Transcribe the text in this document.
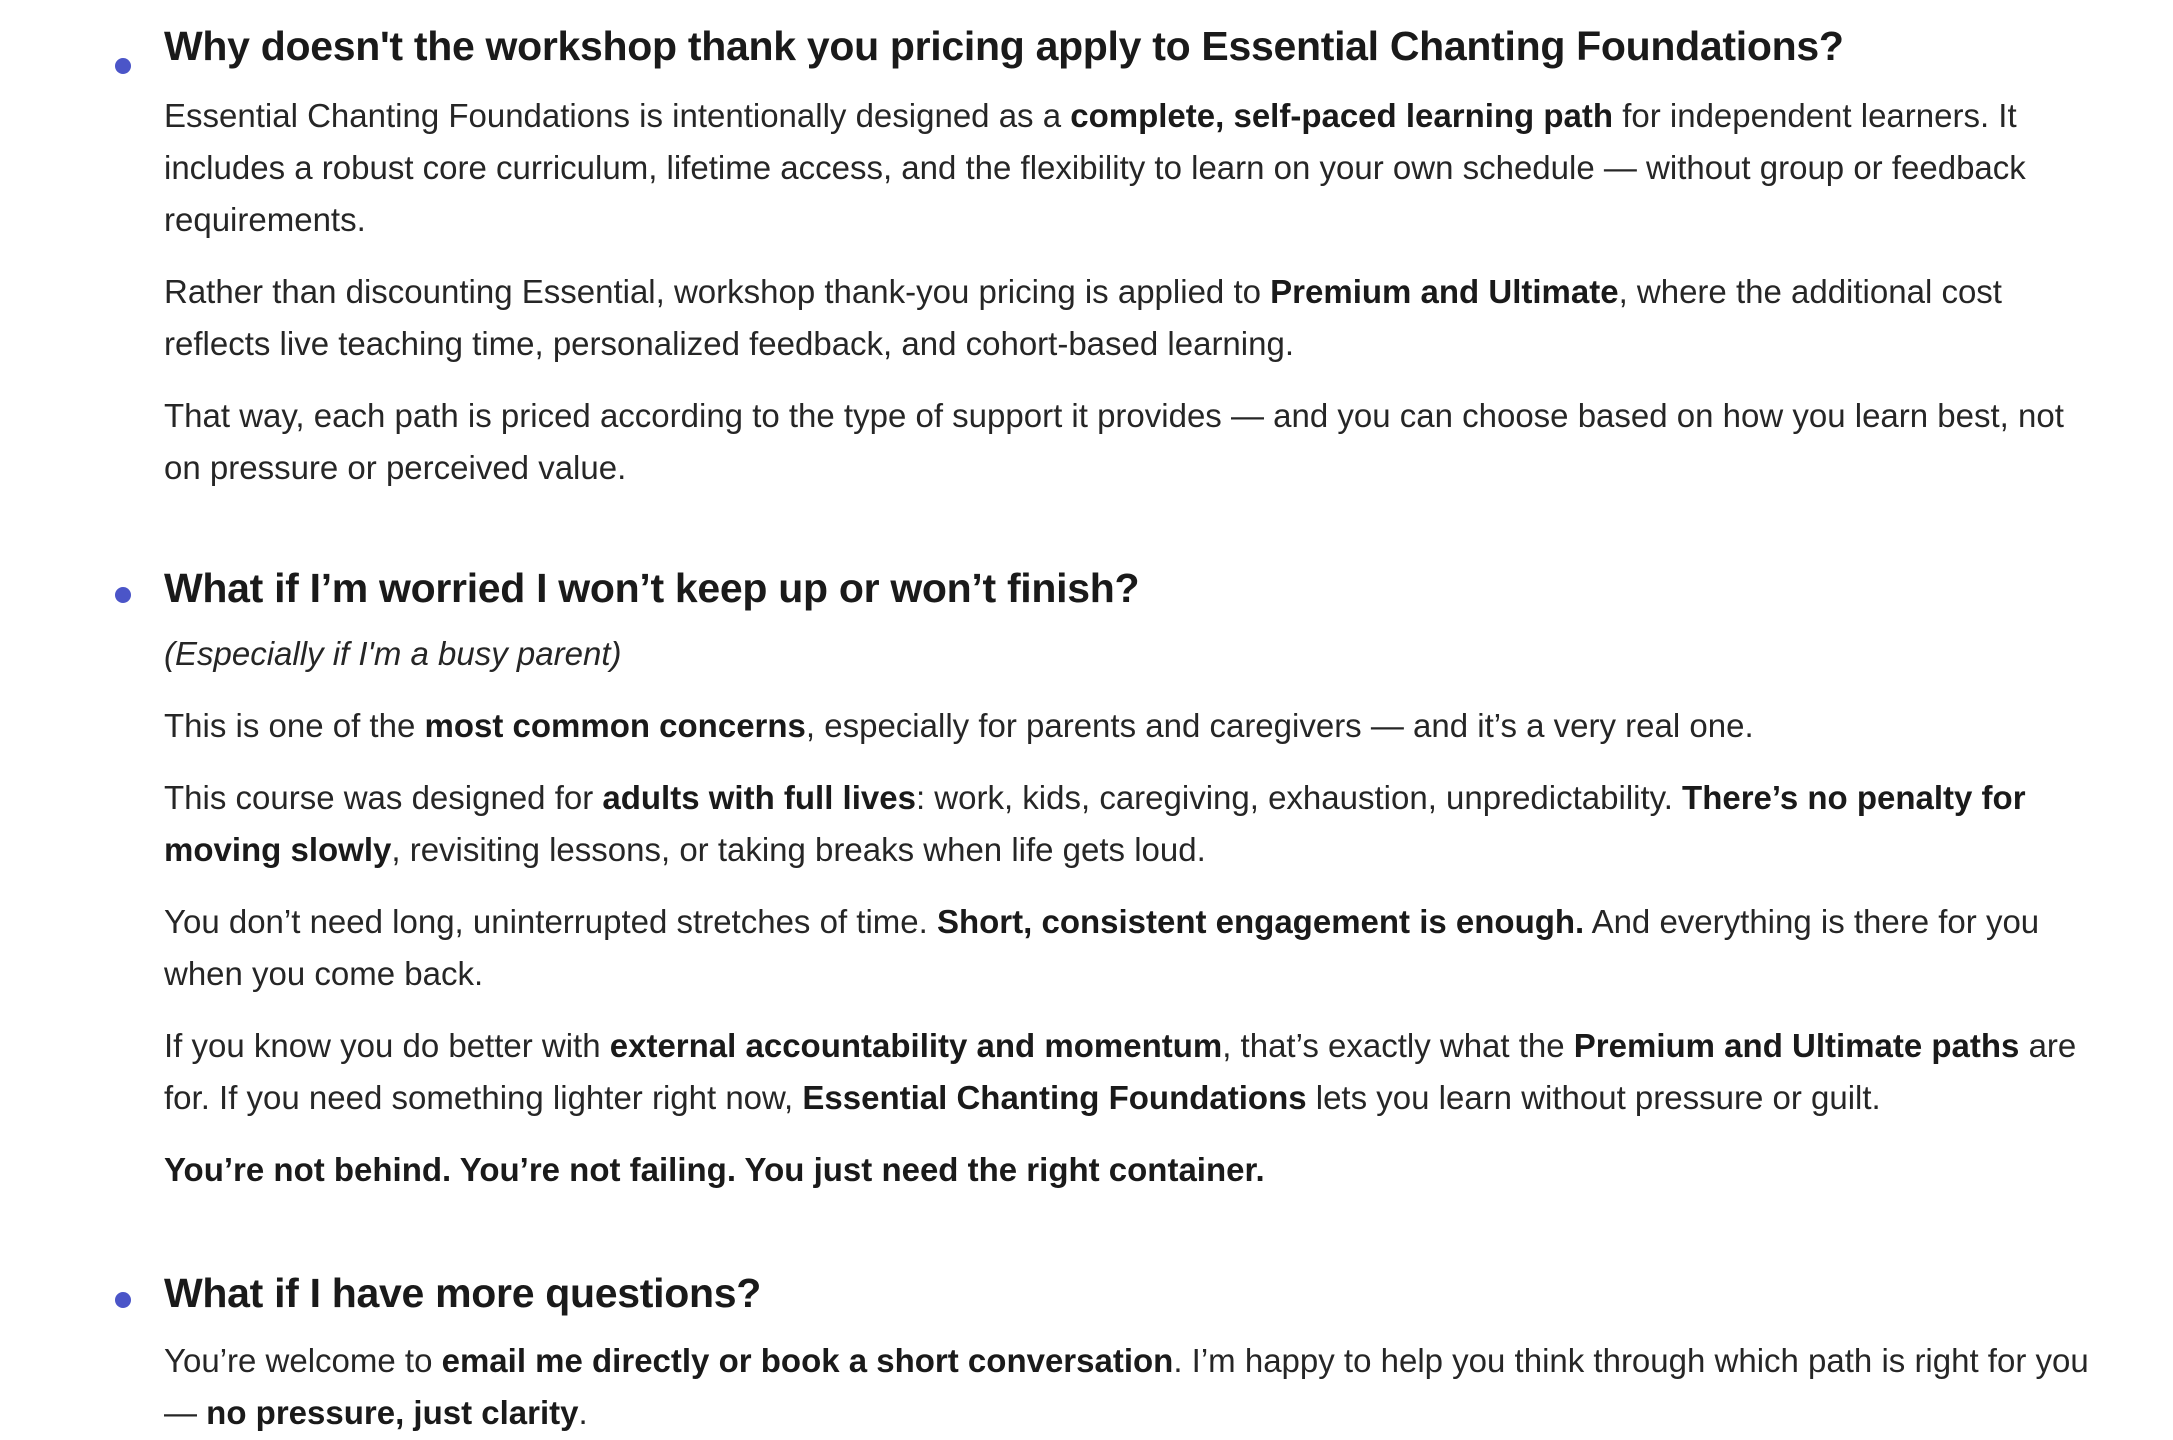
Why doesn't the workshop thank you pricing apply to Essential Chanting Foundations?

Essential Chanting Foundations is intentionally designed as a complete, self-paced learning path for independent learners. It includes a robust core curriculum, lifetime access, and the flexibility to learn on your own schedule — without group or feedback requirements.

Rather than discounting Essential, workshop thank-you pricing is applied to Premium and Ultimate, where the additional cost reflects live teaching time, personalized feedback, and cohort-based learning.

That way, each path is priced according to the type of support it provides — and you can choose based on how you learn best, not on pressure or perceived value.

What if I’m worried I won’t keep up or won’t finish?

(Especially if I'm a busy parent)

This is one of the most common concerns, especially for parents and caregivers — and it’s a very real one.

This course was designed for adults with full lives: work, kids, caregiving, exhaustion, unpredictability. There’s no penalty for moving slowly, revisiting lessons, or taking breaks when life gets loud.

You don’t need long, uninterrupted stretches of time. Short, consistent engagement is enough. And everything is there for you when you come back.

If you know you do better with external accountability and momentum, that’s exactly what the Premium and Ultimate paths are for. If you need something lighter right now, Essential Chanting Foundations lets you learn without pressure or guilt.

You’re not behind. You’re not failing. You just need the right container.

What if I have more questions?

You’re welcome to email me directly or book a short conversation. I’m happy to help you think through which path is right for you — no pressure, just clarity.
